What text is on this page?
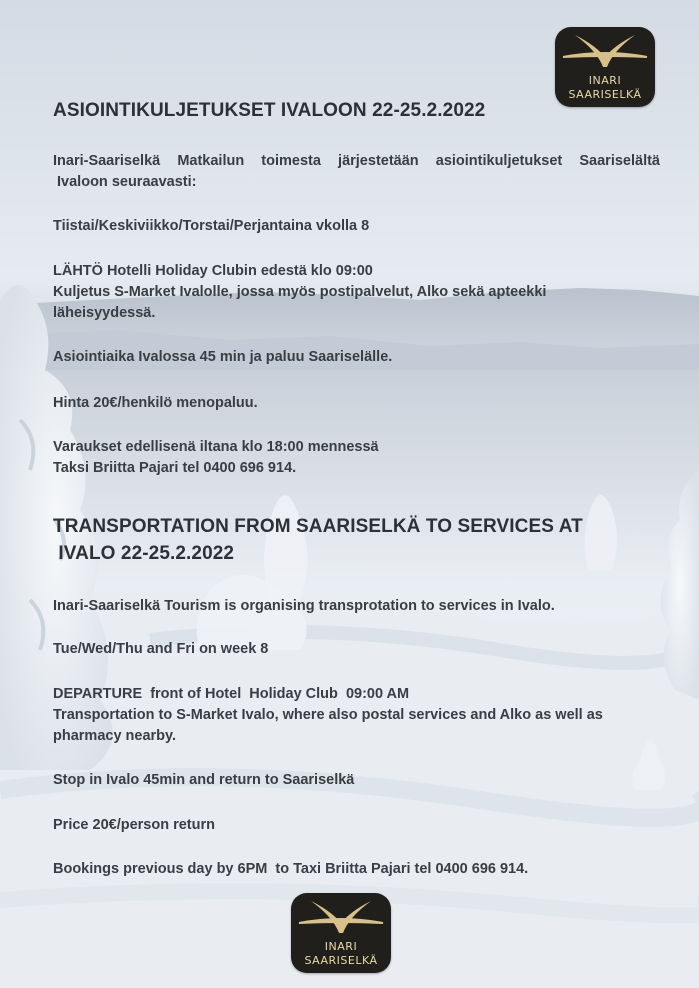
INARI
SAARISELKÄ
ASIOINTIKULJETUKSET IVALOON 22-25.2.2022

Inari-Saariselkä Matkailun toimesta järjestetään asiointikuljetukset Saariselältä

Ivaloon seuraavasti:

Tiistai/Keskiviikko/Torstai/Perjantaina vkolla 8

LÄHTÖ Hotelli Holiday Clubin edestä klo 09:00

Kuljetus S-Market Ivalolle, jossa myös postipalvelut, Alko sekä apteekki

läheisyydessä.

Asiointiaika Ivalossa 45 min ja paluu Saariselälle.

Hinta 20€/henkilö menopaluu.

Varaukset edellisenä iltana klo 18:00 mennessä

Taksi Briitta Pajari tel 0400 696 914.

TRANSPORTATION FROM SAARISELKÄ TO SERVICES AT
IVALO 22-25.2.2022

Inari-Saariselkä Tourism is organising transprotation to services in Ivalo.

Tue/Wed/Thu and Fri on week 8

DEPARTURE  front of Hotel  Holiday Club  09:00 AM

Transportation to S-Market Ivalo, where also postal services and Alko as well as

pharmacy nearby.

Stop in Ivalo 45min and return to Saariselkä

Price 20€/person return

Bookings previous day by 6PM  to Taxi Briitta Pajari tel 0400 696 914.

INARI
SAARISELKÄ
